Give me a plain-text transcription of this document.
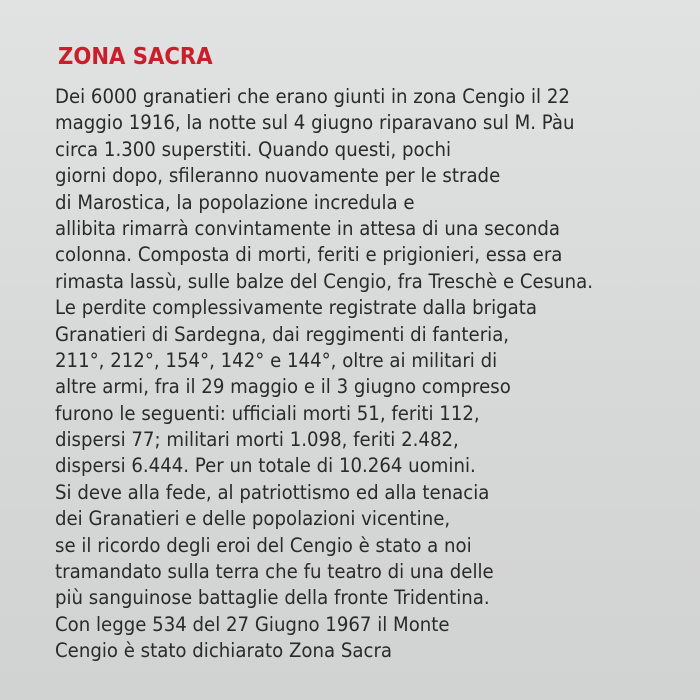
ZONA SACRA
Dei 6000 granatieri che erano giunti in zona Cengio il 22
maggio 1916, la notte sul 4 giugno riparavano sul M. Pàu
circa 1.300 superstiti. Quando questi, pochi
giorni dopo, sfileranno nuovamente per le strade
di Marostica, la popolazione incredula e
allibita rimarrà convintamente in attesa di una seconda
colonna. Composta di morti, feriti e prigionieri, essa era
rimasta lassù, sulle balze del Cengio, fra Treschè e Cesuna.
Le perdite complessivamente registrate dalla brigata
Granatieri di Sardegna, dai reggimenti di fanteria,
211°, 212°, 154°, 142° e 144°, oltre ai militari di
altre armi, fra il 29 maggio e il 3 giugno compreso
furono le seguenti: ufficiali morti 51, feriti 112,
dispersi 77; militari morti 1.098, feriti 2.482,
dispersi 6.444. Per un totale di 10.264 uomini.
Si deve alla fede, al patriottismo ed alla tenacia
dei Granatieri e delle popolazioni vicentine,
se il ricordo degli eroi del Cengio è stato a noi
tramandato sulla terra che fu teatro di una delle
più sanguinose battaglie della fronte Tridentina.
Con legge 534 del 27 Giugno 1967 il Monte
Cengio è stato dichiarato Zona Sacra
